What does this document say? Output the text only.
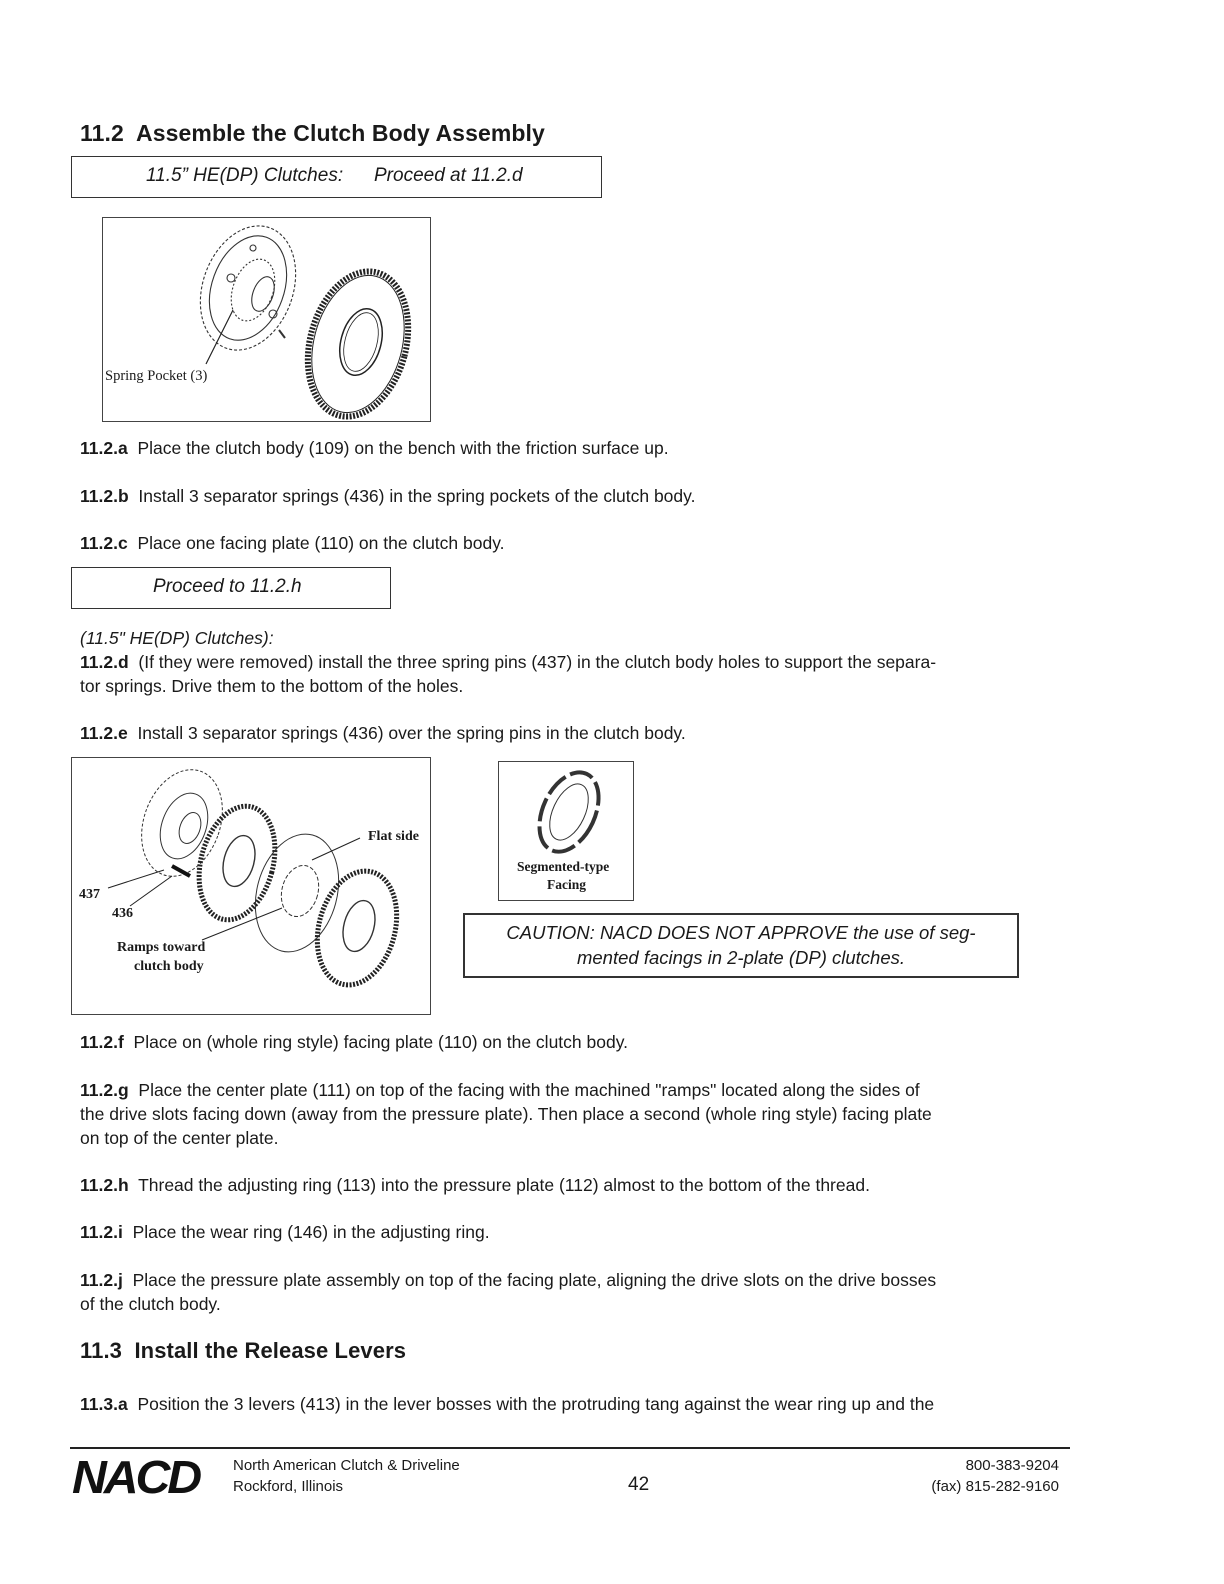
11.2 Assemble the Clutch Body Assembly
11.5” HE(DP) Clutches: Proceed at 11.2.d
Spring Pocket (3)

11.2.a Place the clutch body (109) on the bench with the friction surface up.

11.2.b Install 3 separator springs (436) in the spring pockets of the clutch body.

11.2.c Place one facing plate (110) on the clutch body.

Proceed to 11.2.h

(11.5" HE(DP) Clutches):

11.2.d (If they were removed) install the three spring pins (437) in the clutch body holes to support the separa-

tor springs. Drive them to the bottom of the holes.

11.2.e Install 3 separator springs (436) over the spring pins in the clutch body.

Flat side
437
436
Ramps toward
clutch body
Segmented-type
Facing
CAUTION: NACD DOES NOT APPROVE the use of seg-
mented facings in 2-plate (DP) clutches.

11.2.f Place on (whole ring style) facing plate (110) on the clutch body.

11.2.g Place the center plate (111) on top of the facing with the machined "ramps" located along the sides of

the drive slots facing down (away from the pressure plate). Then place a second (whole ring style) facing plate

on top of the center plate.

11.2.h Thread the adjusting ring (113) into the pressure plate (112) almost to the bottom of the thread.

11.2.i Place the wear ring (146) in the adjusting ring.

11.2.j Place the pressure plate assembly on top of the facing plate, aligning the drive slots on the drive bosses

of the clutch body.

11.3 Install the Release Levers

11.3.a Position the 3 levers (413) in the lever bosses with the protruding tang against the wear ring up and the

NACD North American Clutch & Driveline
Rockford, Illinois	42
800-383-9204
(fax) 815-282-9160
